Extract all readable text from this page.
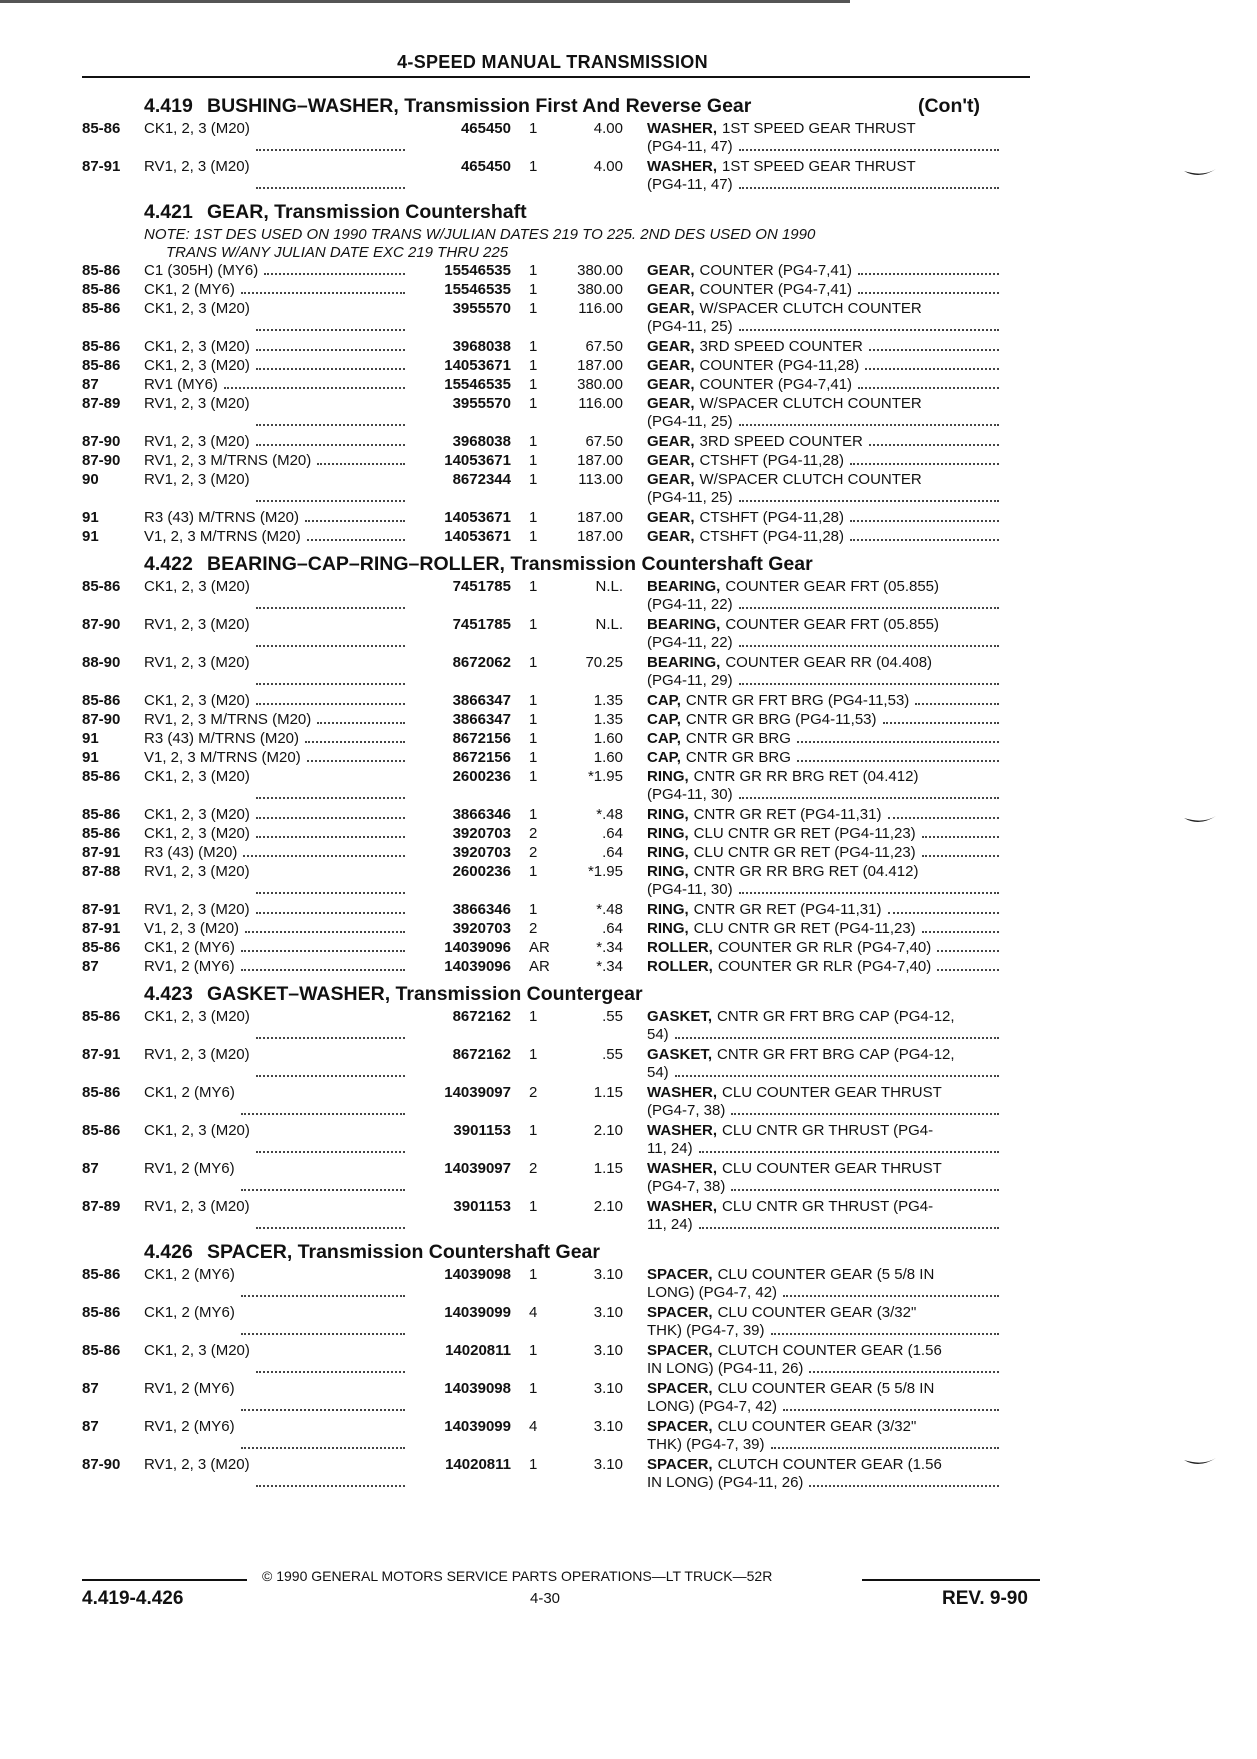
4-SPEED MANUAL TRANSMISSION
4.419 BUSHING–WASHER, Transmission First And Reverse Gear	(Con't)
85-86	CK1, 2, 3 (M20)	465450	1	4.00 WASHER, 1ST SPEED GEAR THRUST
(PG4-11, 47)
87-91	RV1, 2, 3 (M20)	465450	1	4.00 WASHER, 1ST SPEED GEAR THRUST
(PG4-11, 47)
4.421 GEAR, Transmission Countershaft
NOTE: 1ST DES USED ON 1990 TRANS W/JULIAN DATES 219 TO 225. 2ND DES USED ON 1990
TRANS W/ANY JULIAN DATE EXC 219 THRU 225
85-86	C1 (305H) (MY6)	15546535	1	380.00 GEAR, COUNTER (PG4-7,41)
85-86	CK1, 2 (MY6)	15546535	1	380.00 GEAR, COUNTER (PG4-7,41)
85-86	CK1, 2, 3 (M20)	3955570	1	116.00 GEAR, W/SPACER CLUTCH COUNTER
(PG4-11, 25)
85-86	CK1, 2, 3 (M20)	3968038	1	67.50 GEAR, 3RD SPEED COUNTER
85-86	CK1, 2, 3 (M20)	14053671	1	187.00 GEAR, COUNTER (PG4-11,28)
87	RV1 (MY6)	15546535	1	380.00 GEAR, COUNTER (PG4-7,41)
87-89	RV1, 2, 3 (M20)	3955570	1	116.00 GEAR, W/SPACER CLUTCH COUNTER
(PG4-11, 25)
87-90	RV1, 2, 3 (M20)	3968038	1	67.50 GEAR, 3RD SPEED COUNTER
87-90	RV1, 2, 3 M/TRNS (M20)	14053671	1	187.00 GEAR, CTSHFT (PG4-11,28)
90	RV1, 2, 3 (M20)	8672344	1	113.00 GEAR, W/SPACER CLUTCH COUNTER
(PG4-11, 25)
91	R3 (43) M/TRNS (M20)	14053671	1	187.00 GEAR, CTSHFT (PG4-11,28)
91	V1, 2, 3 M/TRNS (M20)	14053671	1	187.00 GEAR, CTSHFT (PG4-11,28)
4.422 BEARING–CAP–RING–ROLLER, Transmission Countershaft Gear
85-86	CK1, 2, 3 (M20)	7451785	1	N.L. BEARING, COUNTER GEAR FRT (05.855)
(PG4-11, 22)
87-90	RV1, 2, 3 (M20)	7451785	1	N.L. BEARING, COUNTER GEAR FRT (05.855)
(PG4-11, 22)
88-90	RV1, 2, 3 (M20)	8672062	1	70.25 BEARING, COUNTER GEAR RR (04.408)
(PG4-11, 29)
85-86	CK1, 2, 3 (M20)	3866347	1	1.35 CAP, CNTR GR FRT BRG (PG4-11,53)
87-90	RV1, 2, 3 M/TRNS (M20)	3866347	1	1.35 CAP, CNTR GR BRG (PG4-11,53)
91	R3 (43) M/TRNS (M20)	8672156	1	1.60 CAP, CNTR GR BRG
91	V1, 2, 3 M/TRNS (M20)	8672156	1	1.60 CAP, CNTR GR BRG
85-86	CK1, 2, 3 (M20)	2600236	1	*1.95 RING, CNTR GR RR BRG RET (04.412)
(PG4-11, 30)
85-86	CK1, 2, 3 (M20)	3866346	1	*.48 RING, CNTR GR RET (PG4-11,31)
85-86	CK1, 2, 3 (M20)	3920703	2	.64 RING, CLU CNTR GR RET (PG4-11,23)
87-91	R3 (43) (M20)	3920703	2	.64 RING, CLU CNTR GR RET (PG4-11,23)
87-88	RV1, 2, 3 (M20)	2600236	1	*1.95 RING, CNTR GR RR BRG RET (04.412)
(PG4-11, 30)
87-91	RV1, 2, 3 (M20)	3866346	1	*.48 RING, CNTR GR RET (PG4-11,31)
87-91	V1, 2, 3 (M20)	3920703	2	.64 RING, CLU CNTR GR RET (PG4-11,23)
85-86	CK1, 2 (MY6)	14039096	AR	*.34 ROLLER, COUNTER GR RLR (PG4-7,40)
87	RV1, 2 (MY6)	14039096	AR	*.34 ROLLER, COUNTER GR RLR (PG4-7,40)
4.423 GASKET–WASHER, Transmission Countergear
85-86	CK1, 2, 3 (M20)	8672162	1	.55 GASKET, CNTR GR FRT BRG CAP (PG4-12,
54)
87-91	RV1, 2, 3 (M20)	8672162	1	.55 GASKET, CNTR GR FRT BRG CAP (PG4-12,
54)
85-86	CK1, 2 (MY6)	14039097	2	1.15 WASHER, CLU COUNTER GEAR THRUST
(PG4-7, 38)
85-86	CK1, 2, 3 (M20)	3901153	1	2.10 WASHER, CLU CNTR GR THRUST (PG4-
11, 24)
87	RV1, 2 (MY6)	14039097	2	1.15 WASHER, CLU COUNTER GEAR THRUST
(PG4-7, 38)
87-89	RV1, 2, 3 (M20)	3901153	1	2.10 WASHER, CLU CNTR GR THRUST (PG4-
11, 24)
4.426 SPACER, Transmission Countershaft Gear
85-86	CK1, 2 (MY6)	14039098	1	3.10 SPACER, CLU COUNTER GEAR (5 5/8 IN
LONG) (PG4-7, 42)
85-86	CK1, 2 (MY6)	14039099	4	3.10 SPACER, CLU COUNTER GEAR (3/32"
THK) (PG4-7, 39)
85-86	CK1, 2, 3 (M20)	14020811	1	3.10 SPACER, CLUTCH COUNTER GEAR (1.56
IN LONG) (PG4-11, 26)
87	RV1, 2 (MY6)	14039098	1	3.10 SPACER, CLU COUNTER GEAR (5 5/8 IN
LONG) (PG4-7, 42)
87	RV1, 2 (MY6)	14039099	4	3.10 SPACER, CLU COUNTER GEAR (3/32"
THK) (PG4-7, 39)
87-90	RV1, 2, 3 (M20)	14020811	1	3.10 SPACER, CLUTCH COUNTER GEAR (1.56
IN LONG) (PG4-11, 26)
© 1990 GENERAL MOTORS SERVICE PARTS OPERATIONS—LT TRUCK—52R
4.419-4.426	4-30	REV. 9-90
